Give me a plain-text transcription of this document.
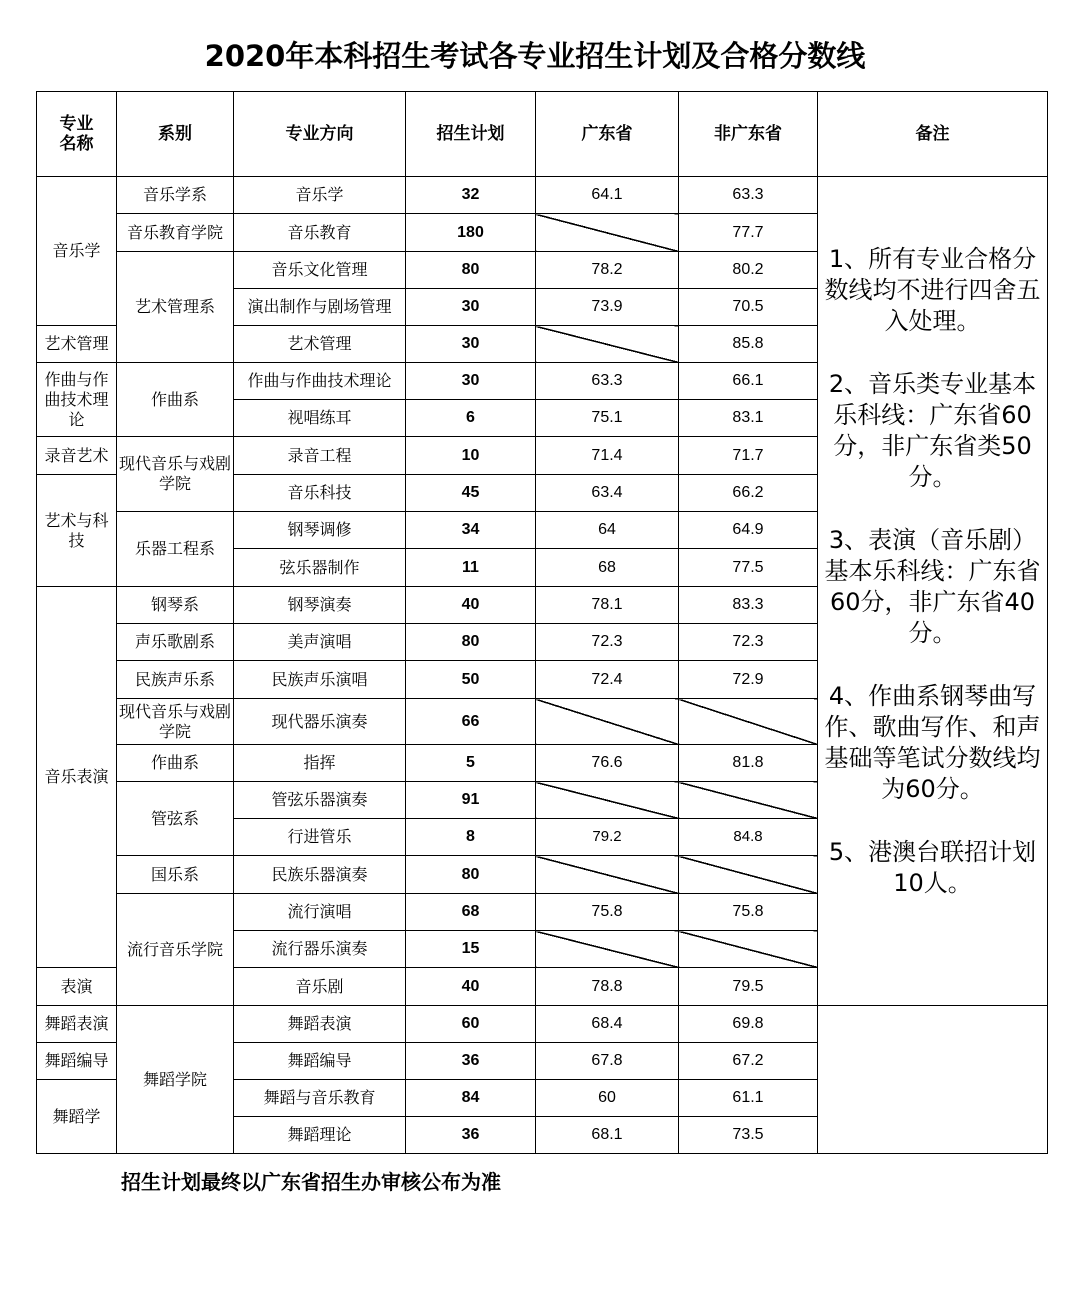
2020年本科招生考试各专业招生计划及合格分数线
专业
名称	系别	专业方向	招生计划	广东省	非广东省	备注
音乐学	音乐学系	音乐学	32	64.1	63.3	1、所有专业合格分数线均不进行四舍五入处理。
2、音乐类专业基本乐科线：广东省60分，非广东省类50分。
3、表演（音乐剧）基本乐科线：广东省60分，非广东省40分。
4、作曲系钢琴曲写作、歌曲写作、和声基础等笔试分数线均为60分。
5、港澳台联招计划10人。

	音乐教育学院	音乐教育	180		77.7	
	艺术管理系	音乐文化管理	80	78.2	80.2	
		演出制作与剧场管理	30	73.9	70.5	
艺术管理		艺术管理	30		85.8	
作曲与作曲技术理论	作曲系	作曲与作曲技术理论	30	63.3	66.1	
		视唱练耳	6	75.1	83.1	
录音艺术	现代音乐与戏剧学院	录音工程	10	71.4	71.7	
艺术与科技		音乐科技	45	63.4	66.2	
	乐器工程系	钢琴调修	34	64	64.9	
		弦乐器制作	11	68	77.5	
音乐表演	钢琴系	钢琴演奏	40	78.1	83.3	
	声乐歌剧系	美声演唱	80	72.3	72.3	
	民族声乐系	民族声乐演唱	50	72.4	72.9	
	现代音乐与戏剧学院	现代器乐演奏	66			
	作曲系	指挥	5	76.6	81.8	
	管弦系	管弦乐器演奏	91			
		行进管乐	8	79.2	84.8	
	国乐系	民族乐器演奏	80			
	流行音乐学院	流行演唱	68	75.8	75.8	
		流行器乐演奏	15			
表演		音乐剧	40	78.8	79.5	
舞蹈表演	舞蹈学院	舞蹈表演	60	68.4	69.8	
舞蹈编导		舞蹈编导	36	67.8	67.2	
舞蹈学		舞蹈与音乐教育	84	60	61.1	
		舞蹈理论	36	68.1	73.5	
招生计划最终以广东省招生办审核公布为准
